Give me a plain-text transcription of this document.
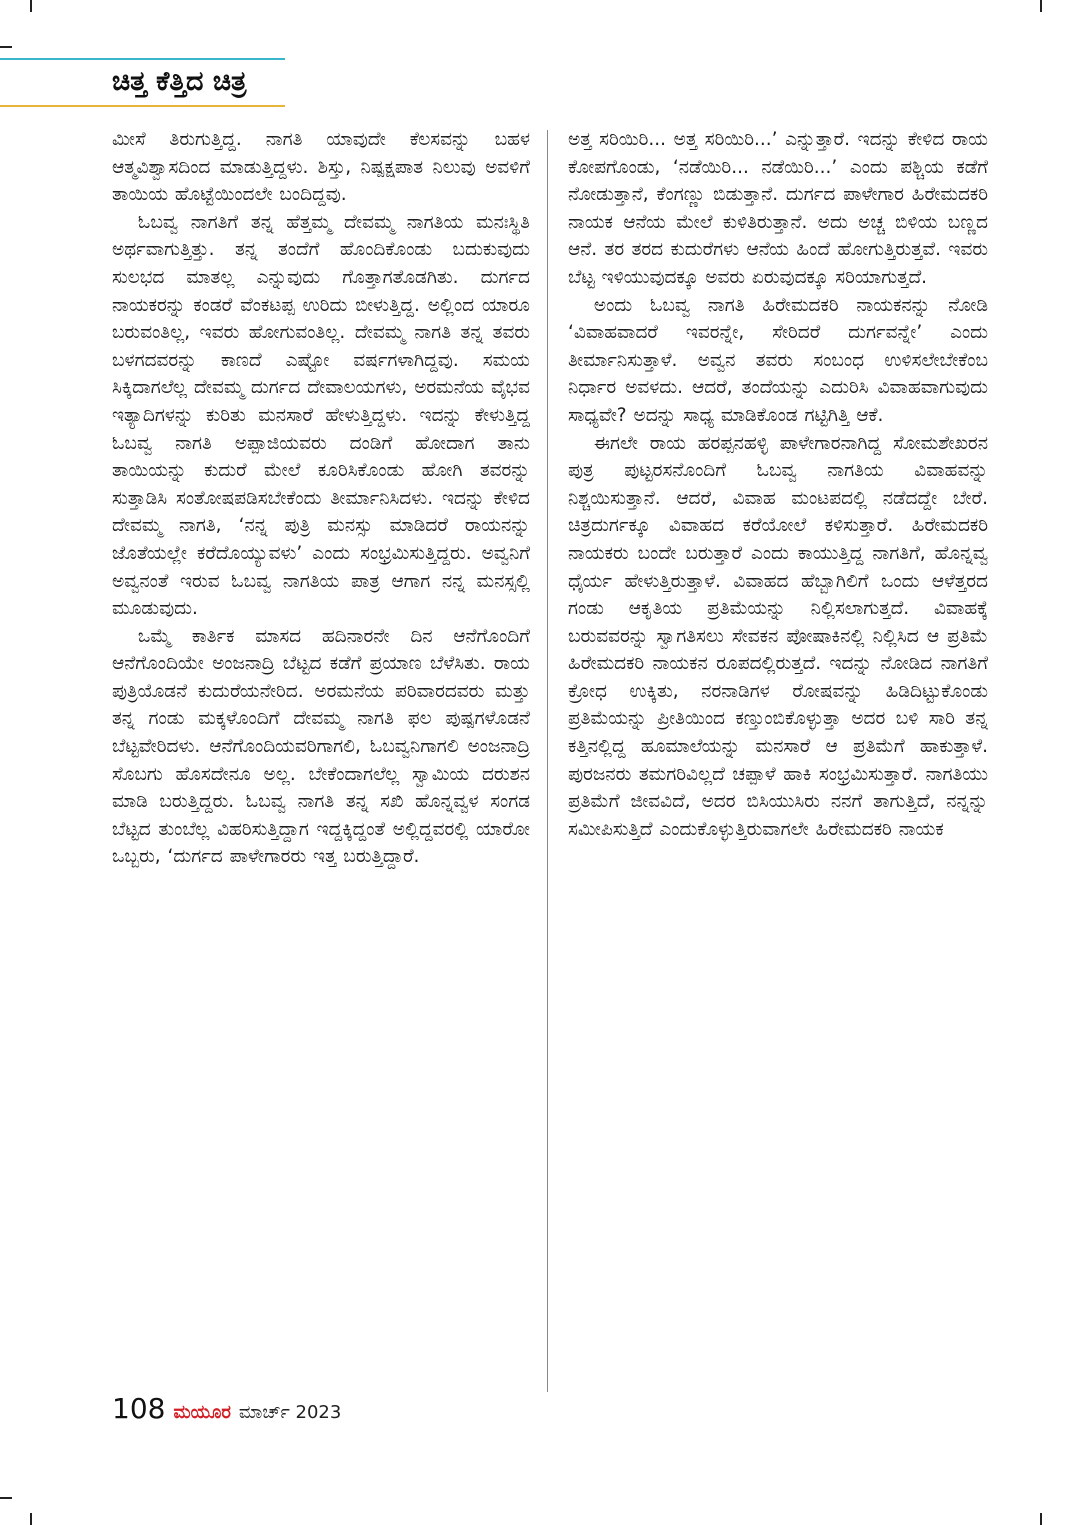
ಚಿತ್ತ ಕೆತ್ತಿದ ಚಿತ್ರ

ಮೀಸೆ ತಿರುಗುತ್ತಿದ್ದ. ನಾಗತಿ ಯಾವುದೇ ಕೆಲಸವನ್ನು ಬಹಳ ಆತ್ಮವಿಶ್ವಾಸದಿಂದ ಮಾಡುತ್ತಿದ್ದಳು. ಶಿಸ್ತು, ನಿಷ್ಪಕ್ಷಪಾತ ನಿಲುವು ಅವಳಿಗೆ ತಾಯಿಯ ಹೊಟ್ಟೆಯಿಂದಲೇ ಬಂದಿದ್ದವು.

ಓಬವ್ವ ನಾಗತಿಗೆ ತನ್ನ ಹೆತ್ತಮ್ಮ ದೇವಮ್ಮ ನಾಗತಿಯ ಮನಃಸ್ಥಿತಿ ಅರ್ಥವಾಗುತ್ತಿತ್ತು. ತನ್ನ ತಂದೆಗೆ ಹೊಂದಿಕೊಂಡು ಬದುಕುವುದು ಸುಲಭದ ಮಾತಲ್ಲ ಎನ್ನುವುದು ಗೊತ್ತಾಗತೊಡಗಿತು. ದುರ್ಗದ ನಾಯಕರನ್ನು ಕಂಡರೆ ವೆಂಕಟಪ್ಪ ಉರಿದು ಬೀಳುತ್ತಿದ್ದ. ಅಲ್ಲಿಂದ ಯಾರೂ ಬರುವಂತಿಲ್ಲ, ಇವರು ಹೋಗುವಂತಿಲ್ಲ. ದೇವಮ್ಮ ನಾಗತಿ ತನ್ನ ತವರು ಬಳಗದವರನ್ನು ಕಾಣದೆ ಎಷ್ಟೋ ವರ್ಷಗಳಾಗಿದ್ದವು. ಸಮಯ ಸಿಕ್ಕಿದಾಗಲೆಲ್ಲ ದೇವಮ್ಮ ದುರ್ಗದ ದೇವಾಲಯಗಳು, ಅರಮನೆಯ ವೈಭವ ಇತ್ಯಾದಿಗಳನ್ನು ಕುರಿತು ಮನಸಾರೆ ಹೇಳುತ್ತಿದ್ದಳು. ಇದನ್ನು ಕೇಳುತ್ತಿದ್ದ ಓಬವ್ವ ನಾಗತಿ ಅಪ್ಪಾಜಿಯವರು ದಂಡಿಗೆ ಹೋದಾಗ ತಾನು ತಾಯಿಯನ್ನು ಕುದುರೆ ಮೇಲೆ ಕೂರಿಸಿಕೊಂಡು ಹೋಗಿ ತವರನ್ನು ಸುತ್ತಾಡಿಸಿ ಸಂತೋಷಪಡಿಸಬೇಕೆಂದು ತೀರ್ಮಾನಿಸಿದಳು. ಇದನ್ನು ಕೇಳಿದ ದೇವಮ್ಮ ನಾಗತಿ, ‘ನನ್ನ ಪುತ್ರಿ ಮನಸ್ಸು ಮಾಡಿದರೆ ರಾಯನನ್ನು ಜೊತೆಯಲ್ಲೇ ಕರೆದೊಯ್ಯುವಳು’ ಎಂದು ಸಂಭ್ರಮಿಸುತ್ತಿದ್ದರು. ಅವ್ವನಿಗೆ ಅವ್ವನಂತೆ ಇರುವ ಓಬವ್ವ ನಾಗತಿಯ ಪಾತ್ರ ಆಗಾಗ ನನ್ನ ಮನಸ್ಸಲ್ಲಿ ಮೂಡುವುದು.

ಒಮ್ಮೆ ಕಾರ್ತಿಕ ಮಾಸದ ಹದಿನಾರನೇ ದಿನ ಆನೆಗೊಂದಿಗೆ ಆನೆಗೊಂದಿಯೇ ಅಂಜನಾದ್ರಿ ಬೆಟ್ಟದ ಕಡೆಗೆ ಪ್ರಯಾಣ ಬೆಳೆಸಿತು. ರಾಯ ಪುತ್ರಿಯೊಡನೆ ಕುದುರೆಯನೇರಿದ. ಅರಮನೆಯ ಪರಿವಾರದವರು ಮತ್ತು ತನ್ನ ಗಂಡು ಮಕ್ಕಳೊಂದಿಗೆ ದೇವಮ್ಮ ನಾಗತಿ ಫಲ ಪುಷ್ಪಗಳೊಡನೆ ಬೆಟ್ಟವೇರಿದಳು. ಆನೆಗೊಂದಿಯವರಿಗಾಗಲಿ, ಓಬವ್ವನಿಗಾಗಲಿ ಅಂಜನಾದ್ರಿ ಸೊಬಗು ಹೊಸದೇನೂ ಅಲ್ಲ. ಬೇಕೆಂದಾಗಲೆಲ್ಲ ಸ್ವಾಮಿಯ ದರುಶನ ಮಾಡಿ ಬರುತ್ತಿದ್ದರು. ಓಬವ್ವ ನಾಗತಿ ತನ್ನ ಸಖಿ ಹೊನ್ನವ್ವಳ ಸಂಗಡ ಬೆಟ್ಟದ ತುಂಬೆಲ್ಲ ವಿಹರಿಸುತ್ತಿದ್ದಾಗ ಇದ್ದಕ್ಕಿದ್ದಂತೆ ಅಲ್ಲಿದ್ದವರಲ್ಲಿ ಯಾರೋ ಒಬ್ಬರು, ‘ದುರ್ಗದ ಪಾಳೇಗಾರರು ಇತ್ತ ಬರುತ್ತಿದ್ದಾರೆ.

ಅತ್ತ ಸರಿಯಿರಿ... ಅತ್ತ ಸರಿಯಿರಿ...’ ಎನ್ನುತ್ತಾರೆ. ಇದನ್ನು ಕೇಳಿದ ರಾಯ ಕೋಪಗೊಂಡು, ‘ನಡೆಯಿರಿ... ನಡೆಯಿರಿ...’ ಎಂದು ಪಶ್ಚಿಯ ಕಡೆಗೆ ನೋಡುತ್ತಾನೆ, ಕೆಂಗಣ್ಣು ಬಿಡುತ್ತಾನೆ. ದುರ್ಗದ ಪಾಳೇಗಾರ ಹಿರೇಮದಕರಿ ನಾಯಕ ಆನೆಯ ಮೇಲೆ ಕುಳಿತಿರುತ್ತಾನೆ. ಅದು ಅಚ್ಚ ಬಿಳಿಯ ಬಣ್ಣದ ಆನೆ. ತರ ತರದ ಕುದುರೆಗಳು ಆನೆಯ ಹಿಂದೆ ಹೋಗುತ್ತಿರುತ್ತವೆ. ಇವರು ಬೆಟ್ಟ ಇಳಿಯುವುದಕ್ಕೂ ಅವರು ಏರುವುದಕ್ಕೂ ಸರಿಯಾಗುತ್ತದೆ.

ಅಂದು ಓಬವ್ವ ನಾಗತಿ ಹಿರೇಮದಕರಿ ನಾಯಕನನ್ನು ನೋಡಿ ‘ವಿವಾಹವಾದರೆ ಇವರನ್ನೇ, ಸೇರಿದರೆ ದುರ್ಗವನ್ನೇ’ ಎಂದು ತೀರ್ಮಾನಿಸುತ್ತಾಳೆ. ಅವ್ವನ ತವರು ಸಂಬಂಧ ಉಳಿಸಲೇಬೇಕೆಂಬ ನಿರ್ಧಾರ ಅವಳದು. ಆದರೆ, ತಂದೆಯನ್ನು ಎದುರಿಸಿ ವಿವಾಹವಾಗುವುದು ಸಾಧ್ಯವೇ? ಅದನ್ನು ಸಾಧ್ಯ ಮಾಡಿಕೊಂಡ ಗಟ್ಟಿಗಿತ್ತಿ ಆಕೆ.

ಈಗಲೇ ರಾಯ ಹರಪ್ಪನಹಳ್ಳಿ ಪಾಳೇಗಾರನಾಗಿದ್ದ ಸೋಮಶೇಖರನ ಪುತ್ರ ಪುಟ್ಟರಸನೊಂದಿಗೆ ಓಬವ್ವ ನಾಗತಿಯ ವಿವಾಹವನ್ನು ನಿಶ್ಚಯಿಸುತ್ತಾನೆ. ಆದರೆ, ವಿವಾಹ ಮಂಟಪದಲ್ಲಿ ನಡೆದದ್ದೇ ಬೇರೆ. ಚಿತ್ರದುರ್ಗಕ್ಕೂ ವಿವಾಹದ ಕರೆಯೋಲೆ ಕಳಿಸುತ್ತಾರೆ. ಹಿರೇಮದಕರಿ ನಾಯಕರು ಬಂದೇ ಬರುತ್ತಾರೆ ಎಂದು ಕಾಯುತ್ತಿದ್ದ ನಾಗತಿಗೆ, ಹೊನ್ನವ್ವ ಧೈರ್ಯ ಹೇಳುತ್ತಿರುತ್ತಾಳೆ. ವಿವಾಹದ ಹೆಬ್ಬಾಗಿಲಿಗೆ ಒಂದು ಆಳೆತ್ತರದ ಗಂಡು ಆಕೃತಿಯ ಪ್ರತಿಮೆಯನ್ನು ನಿಲ್ಲಿಸಲಾಗುತ್ತದೆ. ವಿವಾಹಕ್ಕೆ ಬರುವವರನ್ನು ಸ್ವಾಗತಿಸಲು ಸೇವಕನ ಪೋಷಾಕಿನಲ್ಲಿ ನಿಲ್ಲಿಸಿದ ಆ ಪ್ರತಿಮೆ ಹಿರೇಮದಕರಿ ನಾಯಕನ ರೂಪದಲ್ಲಿರುತ್ತದೆ. ಇದನ್ನು ನೋಡಿದ ನಾಗತಿಗೆ ಕ್ರೋಧ ಉಕ್ಕಿತು, ನರನಾಡಿಗಳ ರೋಷವನ್ನು ಹಿಡಿದಿಟ್ಟುಕೊಂಡು ಪ್ರತಿಮೆಯನ್ನು ಪ್ರೀತಿಯಿಂದ ಕಣ್ತುಂಬಿಕೊಳ್ಳುತ್ತಾ ಅದರ ಬಳಿ ಸಾರಿ ತನ್ನ ಕತ್ತಿನಲ್ಲಿದ್ದ ಹೂಮಾಲೆಯನ್ನು ಮನಸಾರೆ ಆ ಪ್ರತಿಮೆಗೆ ಹಾಕುತ್ತಾಳೆ. ಪುರಜನರು ತಮಗರಿವಿಲ್ಲದೆ ಚಪ್ಪಾಳೆ ಹಾಕಿ ಸಂಭ್ರಮಿಸುತ್ತಾರೆ. ನಾಗತಿಯು ಪ್ರತಿಮೆಗೆ ಜೀವವಿದೆ, ಅದರ ಬಿಸಿಯುಸಿರು ನನಗೆ ತಾಗುತ್ತಿದೆ, ನನ್ನನ್ನು ಸಮೀಪಿಸುತ್ತಿದೆ ಎಂದುಕೊಳ್ಳುತ್ತಿರುವಾಗಲೇ ಹಿರೇಮದಕರಿ ನಾಯಕ

108 ಮಯೂರ ಮಾರ್ಚ್ 2023
